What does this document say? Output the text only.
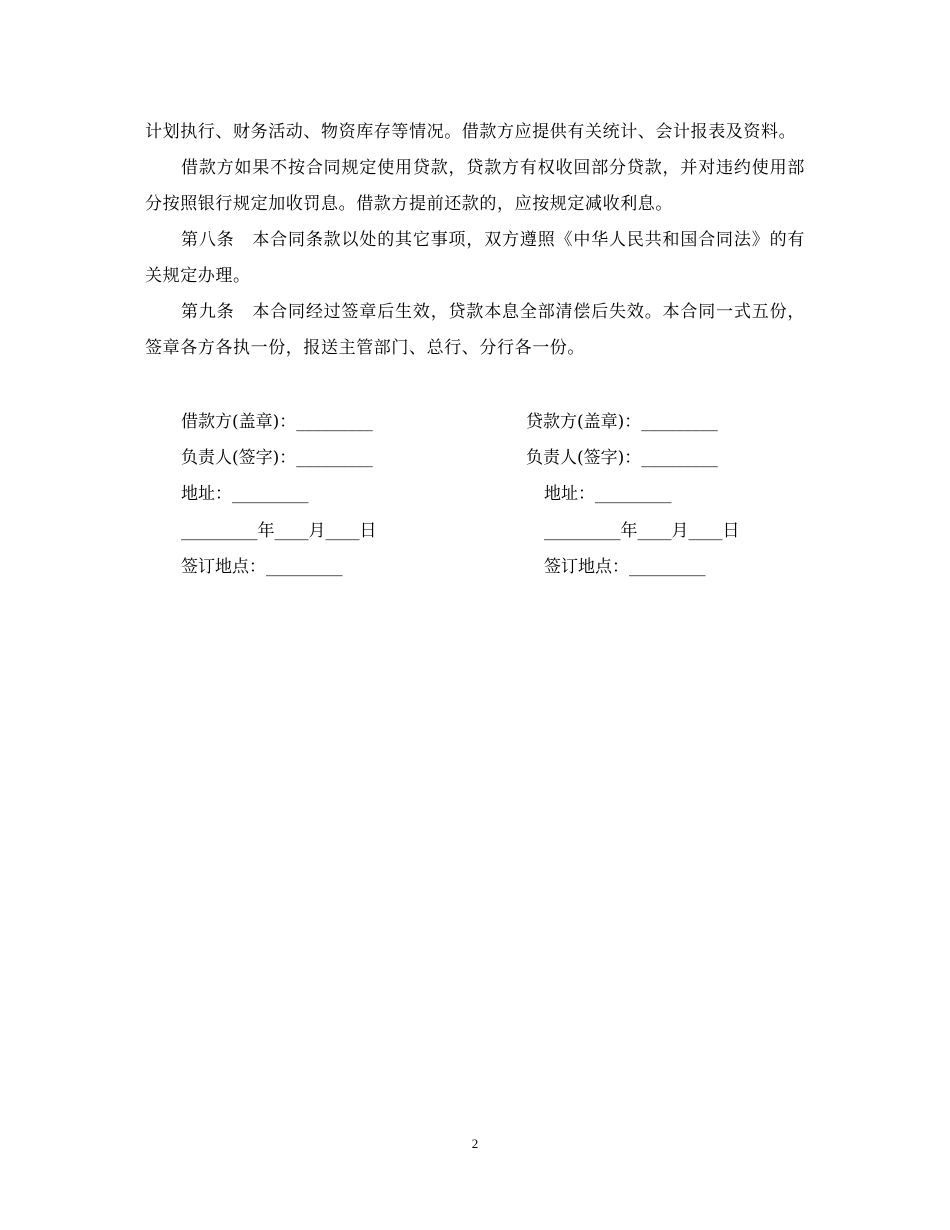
计划执行、财务活动、物资库存等情况。借款方应提供有关统计、会计报表及资料。

借款方如果不按合同规定使用贷款，贷款方有权收回部分贷款，并对违约使用部分按照银行规定加收罚息。借款方提前还款的，应按规定减收利息。

第八条　本合同条款以处的其它事项，双方遵照《中华人民共和国合同法》的有关规定办理。

第九条　本合同经过签章后生效，贷款本息全部清偿后失效。本合同一式五份，签章各方各执一份，报送主管部门、总行、分行各一份。

借款方(盖章)：_________	贷款方(盖章)：_________
负责人(签字)：_________	负责人(签字)：_________
地址：_________	地址：_________
_________年____月____日	_________年____月____日
签订地点：_________	签订地点：_________
2
